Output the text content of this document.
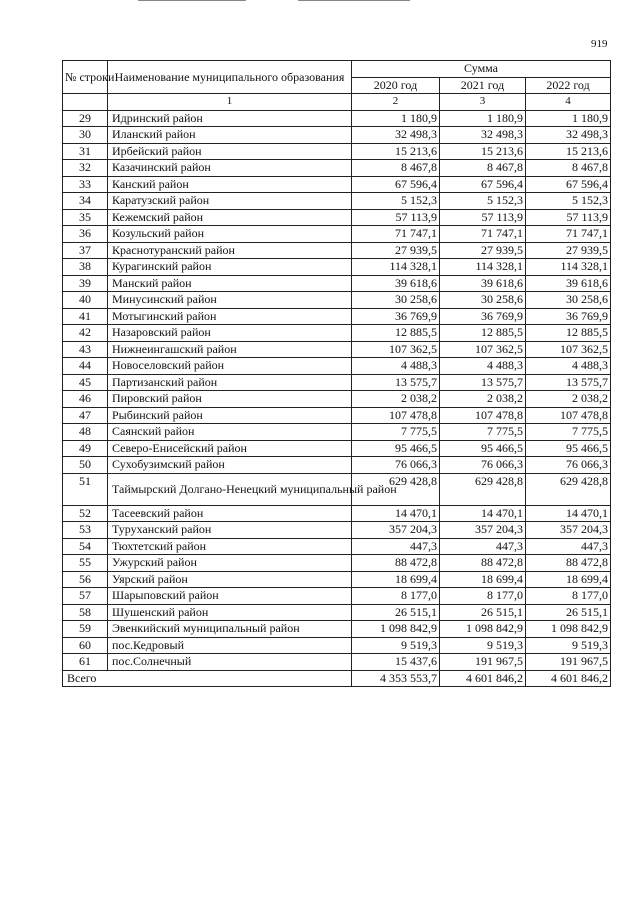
919
№ строки	Наименование муниципального образования	Сумма		
		2020 год	2021 год	2022 год
	1	2	3	4
29	Идринский район	1 180,9	1 180,9	1 180,9
30	Иланский район	32 498,3	32 498,3	32 498,3
31	Ирбейский район	15 213,6	15 213,6	15 213,6
32	Казачинский район	8 467,8	8 467,8	8 467,8
33	Канский район	67 596,4	67 596,4	67 596,4
34	Каратузский район	5 152,3	5 152,3	5 152,3
35	Кежемский район	57 113,9	57 113,9	57 113,9
36	Козульский район	71 747,1	71 747,1	71 747,1
37	Краснотуранский район	27 939,5	27 939,5	27 939,5
38	Курагинский район	114 328,1	114 328,1	114 328,1
39	Манский район	39 618,6	39 618,6	39 618,6
40	Минусинский район	30 258,6	30 258,6	30 258,6
41	Мотыгинский район	36 769,9	36 769,9	36 769,9
42	Назаровский район	12 885,5	12 885,5	12 885,5
43	Нижнеингашский район	107 362,5	107 362,5	107 362,5
44	Новоселовский район	4 488,3	4 488,3	4 488,3
45	Партизанский район	13 575,7	13 575,7	13 575,7
46	Пировский район	2 038,2	2 038,2	2 038,2
47	Рыбинский район	107 478,8	107 478,8	107 478,8
48	Саянский район	7 775,5	7 775,5	7 775,5
49	Северо-Енисейский район	95 466,5	95 466,5	95 466,5
50	Сухобузимский район	76 066,3	76 066,3	76 066,3
51	Таймырский Долгано-Ненецкий муниципальный район	629 428,8	629 428,8	629 428,8
52	Тасеевский район	14 470,1	14 470,1	14 470,1
53	Туруханский район	357 204,3	357 204,3	357 204,3
54	Тюхтетский район	447,3	447,3	447,3
55	Ужурский район	88 472,8	88 472,8	88 472,8
56	Уярский район	18 699,4	18 699,4	18 699,4
57	Шарыповский район	8 177,0	8 177,0	8 177,0
58	Шушенский район	26 515,1	26 515,1	26 515,1
59	Эвенкийский муниципальный район	1 098 842,9	1 098 842,9	1 098 842,9
60	пос.Кедровый	9 519,3	9 519,3	9 519,3
61	пос.Солнечный	15 437,6	191 967,5	191 967,5
Всего		4 353 553,7	4 601 846,2	4 601 846,2
